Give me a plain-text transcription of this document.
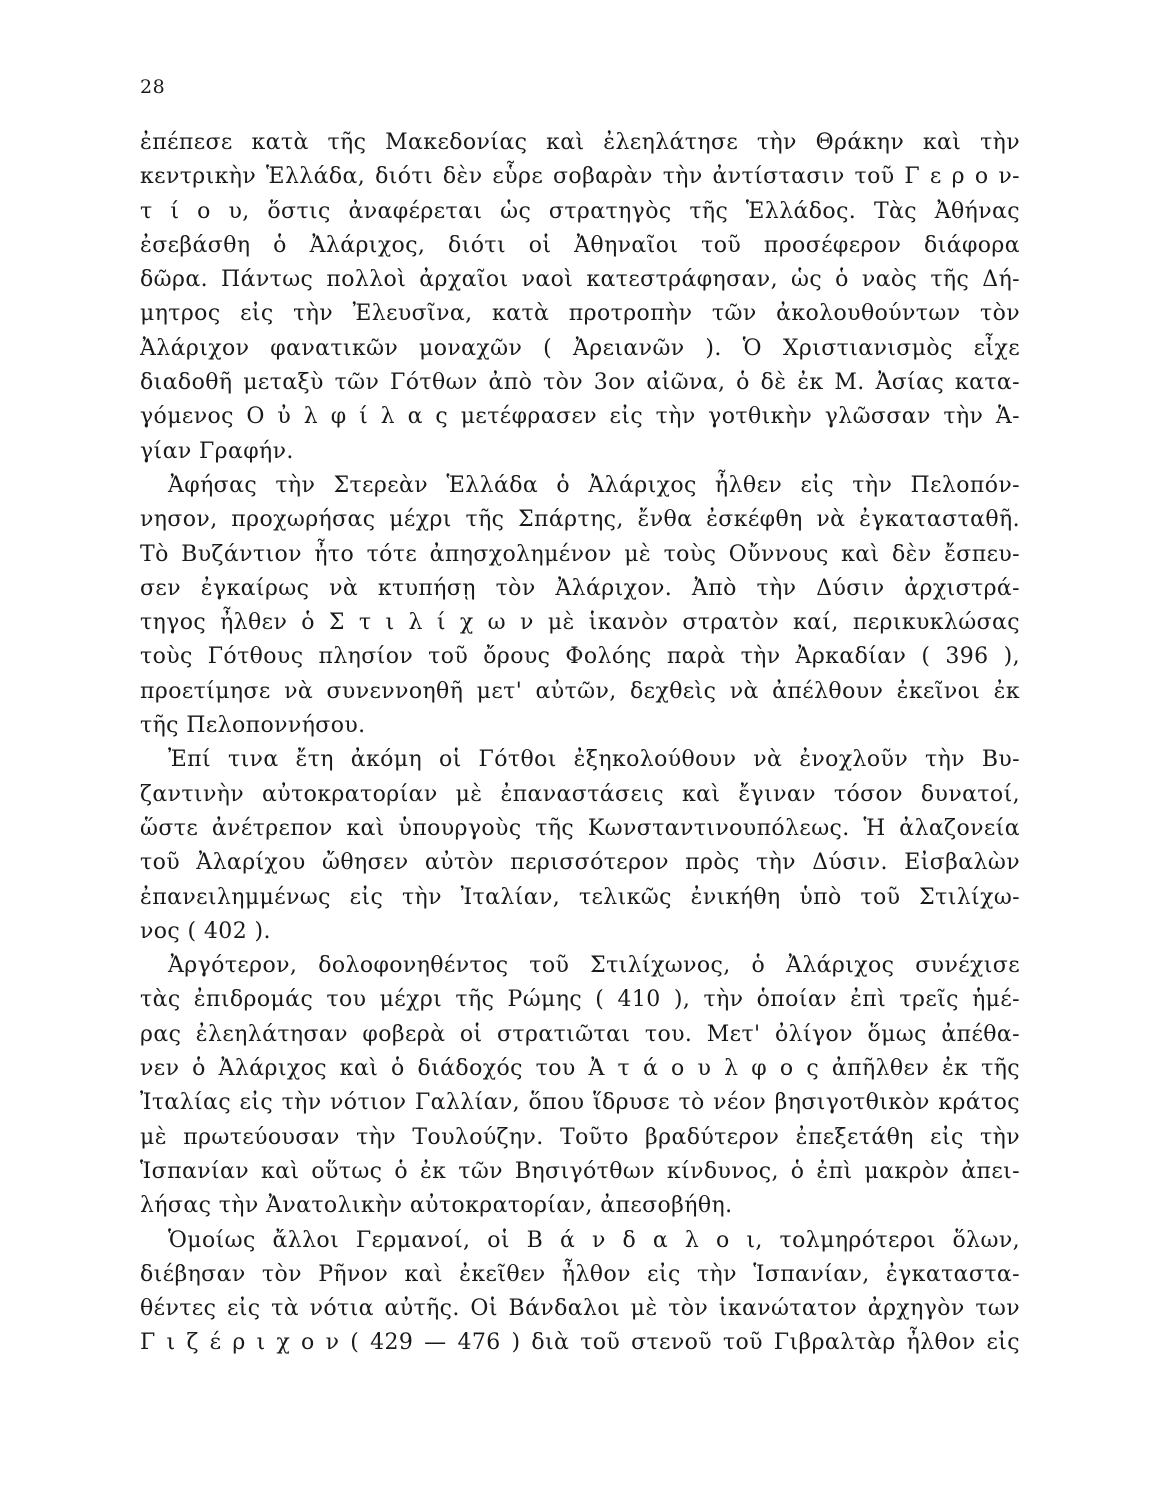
28

ἐπέπεσε κατὰ τῆς Μακεδονίας καὶ ἐλεηλάτησε τὴν Θράκην καὶ τὴν
κεντρικὴν Ἑλλάδα, διότι δὲν εὗρε σοβαρὰν τὴν ἀντίστασιν τοῦ Γ ε ρ ο ν-
τ ί ο υ, ὅστις ἀναφέρεται ὡς στρατηγὸς τῆς Ἑλλάδος. Τὰς Ἀθήνας
ἐσεβάσθη ὁ Ἀλάριχος, διότι οἱ Ἀθηναῖοι τοῦ προσέφερον διάφορα
δῶρα. Πάντως πολλοὶ ἀρχαῖοι ναοὶ κατεστράφησαν, ὡς ὁ ναὸς τῆς Δή-
μητρος εἰς τὴν Ἐλευσῖνα, κατὰ προτροπὴν τῶν ἀκολουθούντων τὸν
Ἀλάριχον φανατικῶν μοναχῶν ( Ἀρειανῶν ). Ὁ Χριστιανισμὸς εἶχε
διαδοθῆ μεταξὺ τῶν Γότθων ἀπὸ τὸν 3ον αἰῶνα, ὁ δὲ ἐκ Μ. Ἀσίας κατα-
γόμενος Ο ὐ λ φ ί λ α ς μετέφρασεν εἰς τὴν γοτθικὴν γλῶσσαν τὴν Ἁ-
γίαν Γραφήν.

Ἀφήσας τὴν Στερεὰν Ἑλλάδα ὁ Ἀλάριχος ἦλθεν εἰς τὴν Πελοπόν-
νησον, προχωρήσας μέχρι τῆς Σπάρτης, ἔνθα ἐσκέφθη νὰ ἐγκατασταθῆ.
Τὸ Βυζάντιον ἦτο τότε ἀπησχολημένον μὲ τοὺς Οὔννους καὶ δὲν ἔσπευ-
σεν ἐγκαίρως νὰ κτυπήσῃ τὸν Ἀλάριχον. Ἀπὸ τὴν Δύσιν ἀρχιστρά-
τηγος ἦλθεν ὁ Σ τ ι λ ί χ ω ν μὲ ἱκανὸν στρατὸν καί, περικυκλώσας
τοὺς Γότθους πλησίον τοῦ ὄρους Φολόης παρὰ τὴν Ἀρκαδίαν ( 396 ),
προετίμησε νὰ συνεννοηθῆ μετ' αὐτῶν, δεχθεὶς νὰ ἀπέλθουν ἐκεῖνοι ἐκ
τῆς Πελοποννήσου.

Ἐπί τινα ἔτη ἀκόμη οἱ Γότθοι ἐξηκολούθουν νὰ ἐνοχλοῦν τὴν Βυ-
ζαντινὴν αὐτοκρατορίαν μὲ ἐπαναστάσεις καὶ ἔγιναν τόσον δυνατοί,
ὥστε ἀνέτρεπον καὶ ὑπουργοὺς τῆς Κωνσταντινουπόλεως. Ἡ ἀλαζονεία
τοῦ Ἀλαρίχου ὤθησεν αὐτὸν περισσότερον πρὸς τὴν Δύσιν. Εἰσβαλὼν
ἐπανειλημμένως εἰς τὴν Ἰταλίαν, τελικῶς ἐνικήθη ὑπὸ τοῦ Στιλίχω-
νος ( 402 ).

Ἀργότερον, δολοφονηθέντος τοῦ Στιλίχωνος, ὁ Ἀλάριχος συνέχισε
τὰς ἐπιδρομάς του μέχρι τῆς Ρώμης ( 410 ), τὴν ὁποίαν ἐπὶ τρεῖς ἡμέ-
ρας ἐλεηλάτησαν φοβερὰ οἱ στρατιῶται του. Μετ' ὀλίγον ὅμως ἀπέθα-
νεν ὁ Ἀλάριχος καὶ ὁ διάδοχός του Ἀ τ ά ο υ λ φ ο ς ἀπῆλθεν ἐκ τῆς
Ἰταλίας εἰς τὴν νότιον Γαλλίαν, ὅπου ἵδρυσε τὸ νέον βησιγοτθικὸν κράτος
μὲ πρωτεύουσαν τὴν Τουλούζην. Τοῦτο βραδύτερον ἐπεξετάθη εἰς τὴν
Ἱσπανίαν καὶ οὕτως ὁ ἐκ τῶν Βησιγότθων κίνδυνος, ὁ ἐπὶ μακρὸν ἀπει-
λήσας τὴν Ἀνατολικὴν αὐτοκρατορίαν, ἀπεσοβήθη.

Ὁμοίως ἄλλοι Γερμανοί, οἱ Β ά ν δ α λ ο ι, τολμηρότεροι ὅλων,
διέβησαν τὸν Ρῆνον καὶ ἐκεῖθεν ἦλθον εἰς τὴν Ἱσπανίαν, ἐγκαταστα-
θέντες εἰς τὰ νότια αὐτῆς. Οἱ Βάνδαλοι μὲ τὸν ἱκανώτατον ἀρχηγὸν των
Γ ι ζ έ ρ ι χ ο ν ( 429 — 476 ) διὰ τοῦ στενοῦ τοῦ Γιβραλτὰρ ἦλθον εἰς
